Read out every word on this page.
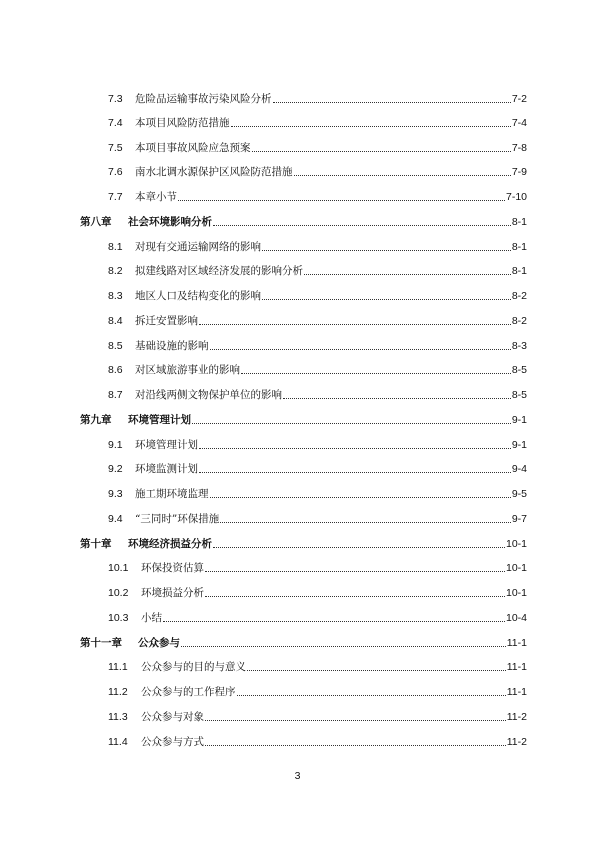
7.3	危险品运输事故污染风险分析	7-2
7.4	本项目风险防范措施	7-4
7.5	本项目事故风险应急预案	7-8
7.6	南水北调水源保护区风险防范措施	7-9
7.7	本章小节	7-10
第八章	社会环境影响分析	8-1
8.1	对现有交通运输网络的影响	8-1
8.2	拟建线路对区域经济发展的影响分析	8-1
8.3	地区人口及结构变化的影响	8-2
8.4	拆迁安置影响	8-2
8.5	基础设施的影响	8-3
8.6	对区域旅游事业的影响	8-5
8.7	对沿线两侧文物保护单位的影响	8-5
第九章	环境管理计划	9-1
9.1	环境管理计划	9-1
9.2	环境监测计划	9-4
9.3	施工期环境监理	9-5
9.4	“三同时”环保措施	9-7
第十章	环境经济损益分析	10-1
10.1	环保投资估算	10-1
10.2	环境损益分析	10-1
10.3	小结	10-4
第十一章	公众参与	11-1
11.1	公众参与的目的与意义	11-1
11.2	公众参与的工作程序	11-1
11.3	公众参与对象	11-2
11.4	公众参与方式	11-2
3
